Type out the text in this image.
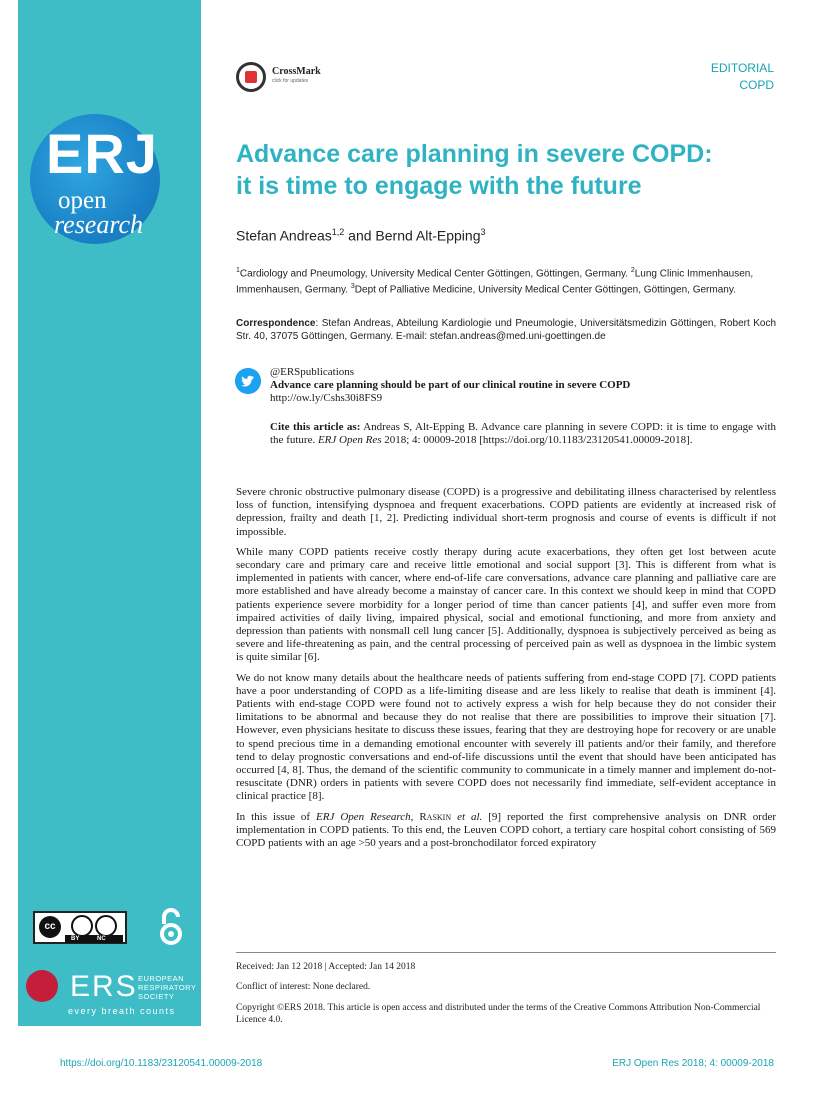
ERJ
open
research
cc
BY	NC
ERS EUROPEAN
RESPIRATORY
SOCIETY
every breath counts
CrossMark
click for updates
EDITORIAL
COPD
Advance care planning in severe COPD:
it is time to engage with the future
Stefan Andreas$^{1,2}$ and Bernd Alt-Epping$^3$
$^1$Cardiology and Pneumology, University Medical Center Göttingen, Göttingen, Germany. $^2$Lung Clinic Immenhausen, Immenhausen, Germany. $^3$Dept of Palliative Medicine, University Medical Center Göttingen, Göttingen, Germany.
Correspondence: Stefan Andreas, Abteilung Kardiologie und Pneumologie, Universitätsmedizin Göttingen, Robert Koch Str. 40, 37075 Göttingen, Germany. E-mail: stefan.andreas@med.uni-goettingen.de
@ERSpublications
Advance care planning should be part of our clinical routine in severe COPD
http://ow.ly/Cshs30i8FS9
Cite this article as: Andreas S, Alt-Epping B. Advance care planning in severe COPD: it is time to engage with the future. ERJ Open Res 2018; 4: 00009-2018 [https://doi.org/10.1183/23120541.00009-2018].

Severe chronic obstructive pulmonary disease (COPD) is a progressive and debilitating illness characterised by relentless loss of function, intensifying dyspnoea and frequent exacerbations. COPD patients are evidently at increased risk of depression, frailty and death [1, 2]. Predicting individual short-term prognosis and course of events is difficult if not impossible.

While many COPD patients receive costly therapy during acute exacerbations, they often get lost between acute secondary care and primary care and receive little emotional and social support [3]. This is different from what is implemented in patients with cancer, where end-of-life care conversations, advance care planning and palliative care are more established and have already become a mainstay of cancer care. In this context we should keep in mind that COPD patients experience severe morbidity for a longer period of time than cancer patients [4], and suffer even more from impaired activities of daily living, impaired physical, social and emotional functioning, and more from anxiety and depression than patients with nonsmall cell lung cancer [5]. Additionally, dyspnoea is subjectively perceived as being as severe and life-threatening as pain, and the central processing of perceived pain as well as dyspnoea in the limbic system is quite similar [6].

We do not know many details about the healthcare needs of patients suffering from end-stage COPD [7]. COPD patients have a poor understanding of COPD as a life-limiting disease and are less likely to realise that death is imminent [4]. Patients with end-stage COPD were found not to actively express a wish for help because they do not consider their limitations to be abnormal and because they do not realise that there are possibilities to improve their situation [7]. However, even physicians hesitate to discuss these issues, fearing that they are destroying hope for recovery or are unable to spend precious time in a demanding emotional encounter with severely ill patients and/or their family, and therefore tend to delay prognostic conversations and end-of-life discussions until the event that should have been anticipated has occurred [4, 8]. Thus, the demand of the scientific community to communicate in a timely manner and implement do-not-resuscitate (DNR) orders in patients with severe COPD does not necessarily find immediate, self-evident acceptance in clinical practice [8].

In this issue of ERJ Open Research, Raskin et al. [9] reported the first comprehensive analysis on DNR order implementation in COPD patients. To this end, the Leuven COPD cohort, a tertiary care hospital cohort consisting of 569 COPD patients with an age >50 years and a post-bronchodilator forced expiratory

Received: Jan 12 2018 | Accepted: Jan 14 2018
Conflict of interest: None declared.
Copyright ©ERS 2018. This article is open access and distributed under the terms of the Creative Commons Attribution Non-Commercial Licence 4.0.
https://doi.org/10.1183/23120541.00009-2018	ERJ Open Res 2018; 4: 00009-2018
